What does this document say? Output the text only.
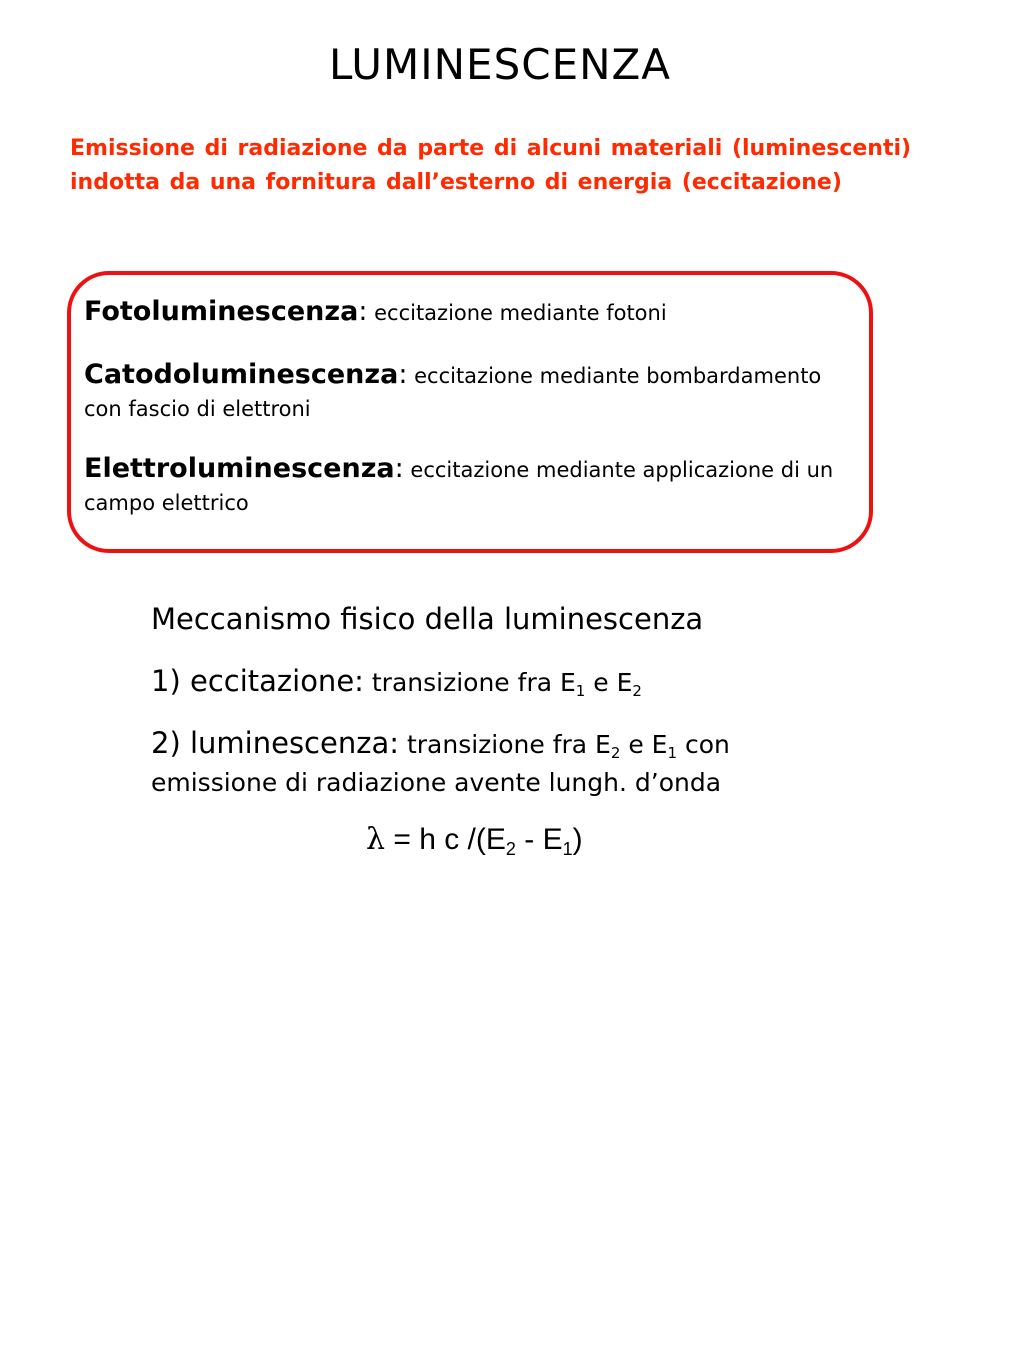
LUMINESCENZA
Emissione di radiazione da parte di alcuni materiali (luminescenti)
indotta da una fornitura dall’esterno di energia (eccitazione)
Fotoluminescenza: eccitazione mediante fotoni
Catodoluminescenza: eccitazione mediante bombardamento con fascio di elettroni
Elettroluminescenza: eccitazione mediante applicazione di un campo elettrico
Meccanismo fisico della luminescenza
1) eccitazione: transizione fra $E_1$ e $E_2$
2) luminescenza: transizione fra $E_2$ e $E_1$ con emissione di radiazione avente lungh. d’onda
λ = h c $/(E_2 - E_1)$
